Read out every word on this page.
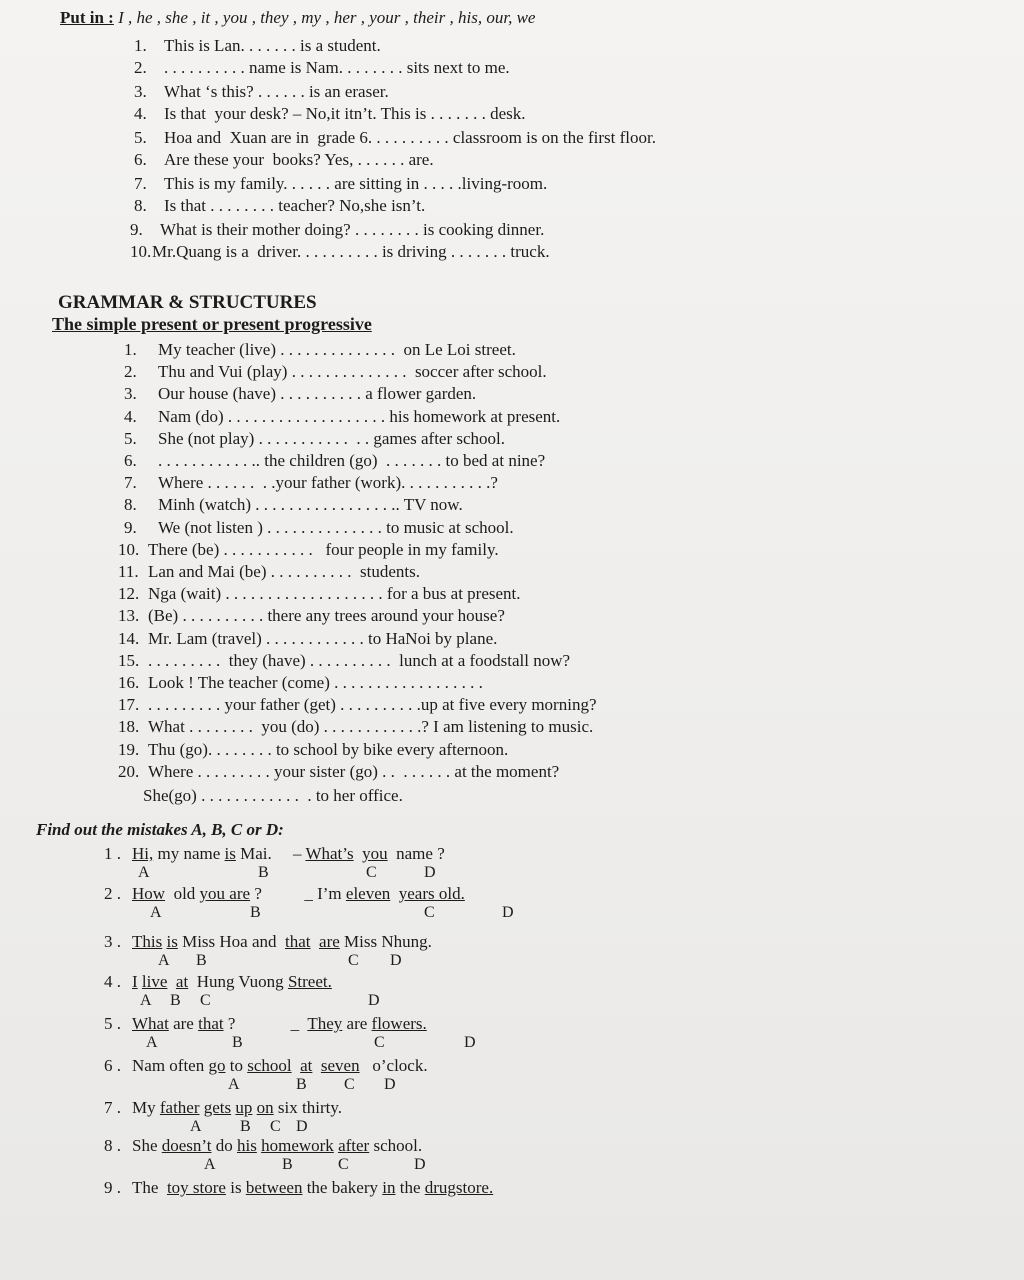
Put in : I , he , she , it , you , they , my , her , your , their , his, our, we
1. This is Lan. . . . . . . is a student.
2. . . . . . . . . . . name is Nam. . . . . . . . sits next to me.
3. What ‘s this? . . . . . . is an eraser.
4. Is that  your desk? – No,it itn’t. This is . . . . . . . desk.
5. Hoa and  Xuan are in  grade 6. . . . . . . . . . classroom is on the first floor.
6. Are these your  books? Yes, . . . . . . are.
7. This is my family. . . . . . are sitting in . . . . .living-room.
8. Is that . . . . . . . . teacher? No,she isn’t.
9. What is their mother doing? . . . . . . . . is cooking dinner.
10.Mr.Quang is a  driver. . . . . . . . . . is driving . . . . . . . truck.
GRAMMAR & STRUCTURES
The simple present or present progressive
1. My teacher (live) . . . . . . . . . . . . . .  on Le Loi street.
2. Thu and Vui (play) . . . . . . . . . . . . . .  soccer after school.
3. Our house (have) . . . . . . . . . . a flower garden.
4. Nam (do) . . . . . . . . . . . . . . . . . . . his homework at present.
5. She (not play) . . . . . . . . . . .  . . games after school.
6. . . . . . . . . . . . .. the children (go)  . . . . . . . to bed at nine?
7. Where . . . . . .  . .your father (work). . . . . . . . . . .?
8. Minh (watch) . . . . . . . . . . . . . . . . .. TV now.
9. We (not listen ) . . . . . . . . . . . . . . to music at school.
10. There (be) . . . . . . . . . . .   four people in my family.
11. Lan and Mai (be) . . . . . . . . . .  students.
12. Nga (wait) . . . . . . . . . . . . . . . . . . . for a bus at present.
13. (Be) . . . . . . . . . . there any trees around your house?
14. Mr. Lam (travel) . . . . . . . . . . . . to HaNoi by plane.
15. . . . . . . . . .  they (have) . . . . . . . . . .  lunch at a foodstall now?
16. Look ! The teacher (come) . . . . . . . . . . . . . . . . . .
17. . . . . . . . . . your father (get) . . . . . . . . . .up at five every morning?
18. What . . . . . . . .  you (do) . . . . . . . . . . . .? I am listening to music.
19. Thu (go). . . . . . . . to school by bike every afternoon.
20. Where . . . . . . . . . your sister (go) . .  . . . . . . at the moment?
She(go) . . . . . . . . . . . .  . to her office.
Find out the mistakes A, B, C or D:
1 . Hi, my name is Mai.     – What’s you  name ?
A	B	C	D
2 . How  old you are ?          _ I’m eleven years old.
A	B	C	D
3 . This is Miss Hoa and  that are Miss Nhung.
A B	C D
4 . I live at  Hung Vuong Street.
A B C	D
5 . What are that ?             _  They are flowers.
A	B	C	D
6 . Nam often go to school at seven   o’clock.
A	B C D
7 . My father gets up on six thirty.
A B C D
8 . She doesn’t do his homework after school.
A	B	C	D
9 . The  toy store is between the bakery in the drugstore.
